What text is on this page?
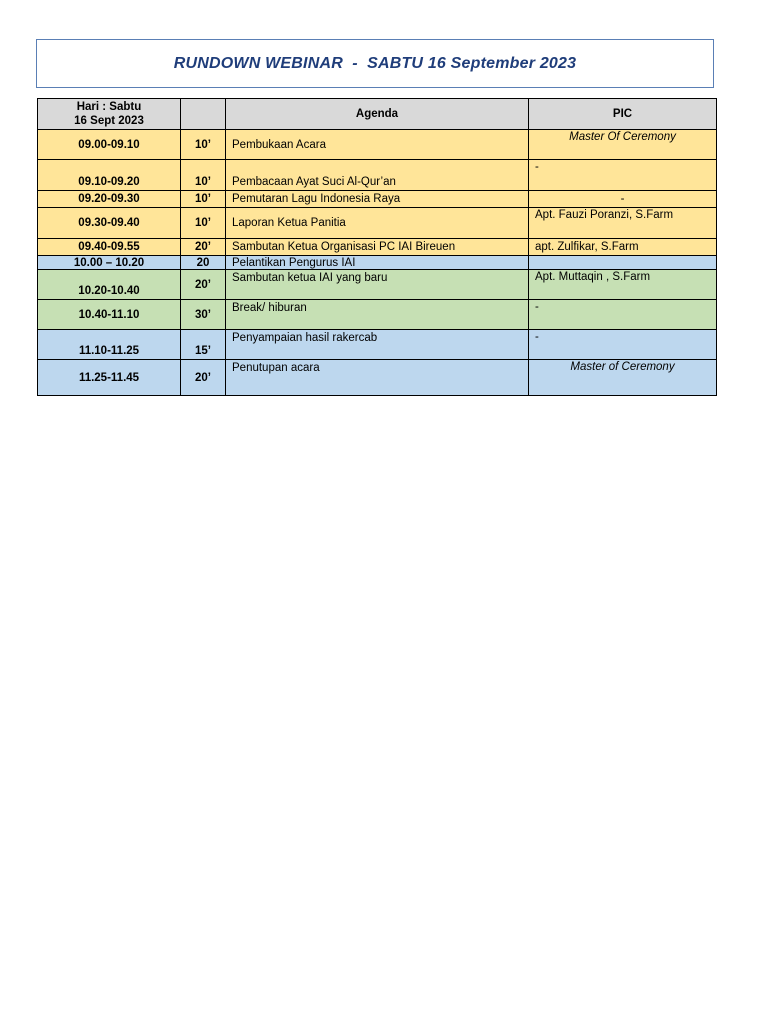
RUNDOWN WEBINAR  -  SABTU 16 September 2023
Hari : Sabtu
16 Sept 2023		Agenda	PIC
09.00-09.10	10’	Pembukaan Acara	Master Of Ceremony
09.10-09.20	10’	Pembacaan Ayat Suci Al-Qur’an	-
09.20-09.30	10’	Pemutaran Lagu Indonesia Raya	-
09.30-09.40	10’	Laporan Ketua Panitia	Apt. Fauzi Poranzi, S.Farm
09.40-09.55	20’	Sambutan Ketua Organisasi PC IAI Bireuen	apt. Zulfikar, S.Farm
10.00 – 10.20	20	Pelantikan Pengurus IAI	
10.20-10.40	20’	Sambutan ketua IAI yang baru	Apt. Muttaqin , S.Farm
10.40-11.10	30’	Break/ hiburan	-
11.10-11.25	15’	Penyampaian hasil rakercab	-
11.25-11.45	20’	Penutupan acara	Master of Ceremony
